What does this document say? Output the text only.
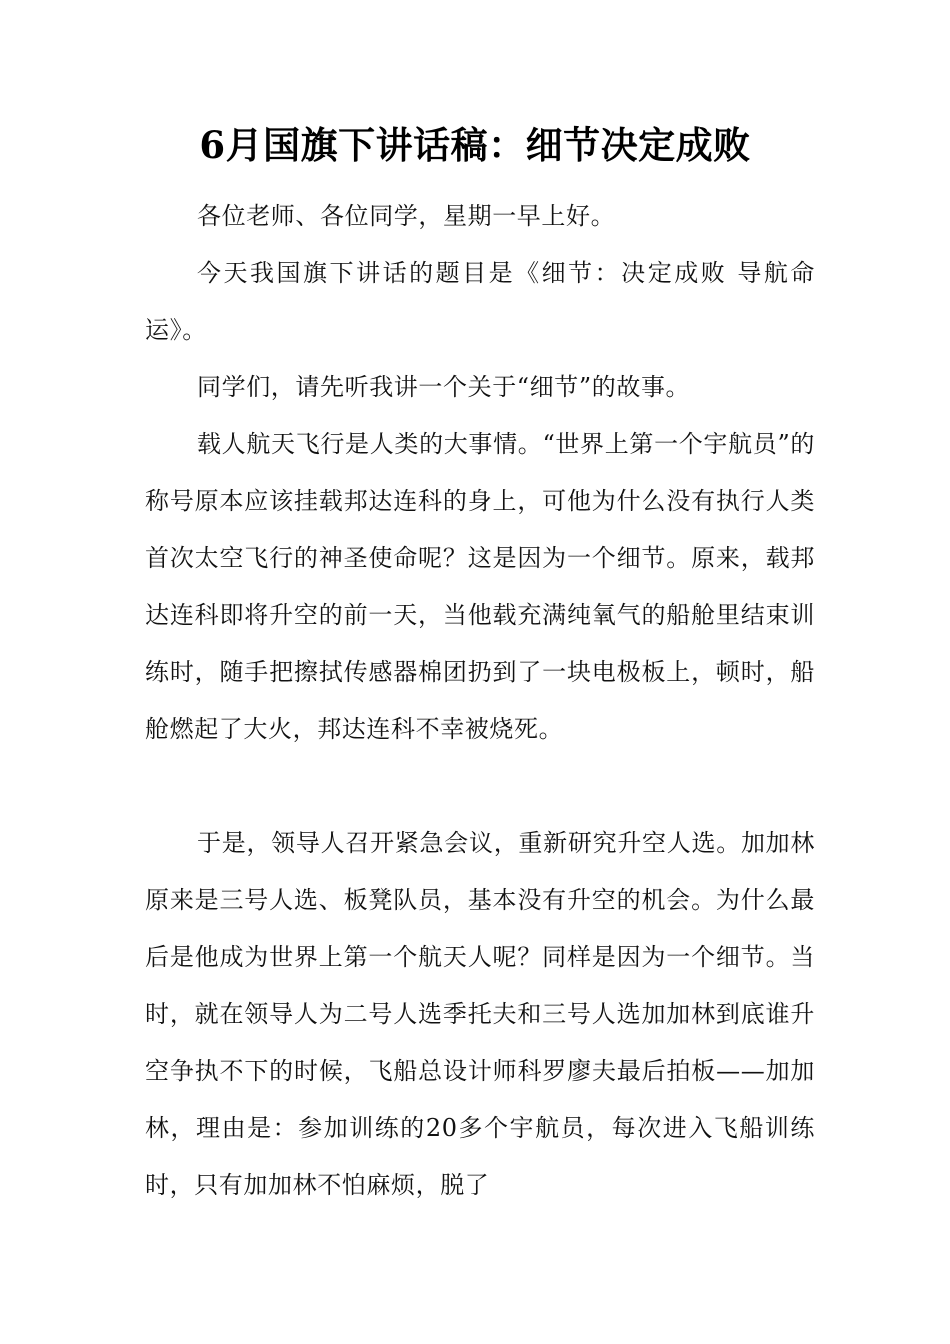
6月国旗下讲话稿：细节决定成败

各位老师、各位同学，星期一早上好。

今天我国旗下讲话的题目是《细节：决定成败 导航命运》。

同学们，请先听我讲一个关于“细节”的故事。

载人航天飞行是人类的大事情。“世界上第一个宇航员”的称号原本应该挂载邦达连科的身上，可他为什么没有执行人类首次太空飞行的神圣使命呢？这是因为一个细节。原来，载邦达连科即将升空的前一天，当他载充满纯氧气的船舱里结束训练时，随手把擦拭传感器棉团扔到了一块电极板上，顿时，船舱燃起了大火，邦达连科不幸被烧死。

于是，领导人召开紧急会议，重新研究升空人选。加加林原来是三号人选、板凳队员，基本没有升空的机会。为什么最后是他成为世界上第一个航天人呢？同样是因为一个细节。当时，就在领导人为二号人选季托夫和三号人选加加林到底谁升空争执不下的时候，飞船总设计师科罗廖夫最后拍板——加加林，理由是：参加训练的20多个宇航员，每次进入飞船训练时，只有加加林不怕麻烦，脱了
